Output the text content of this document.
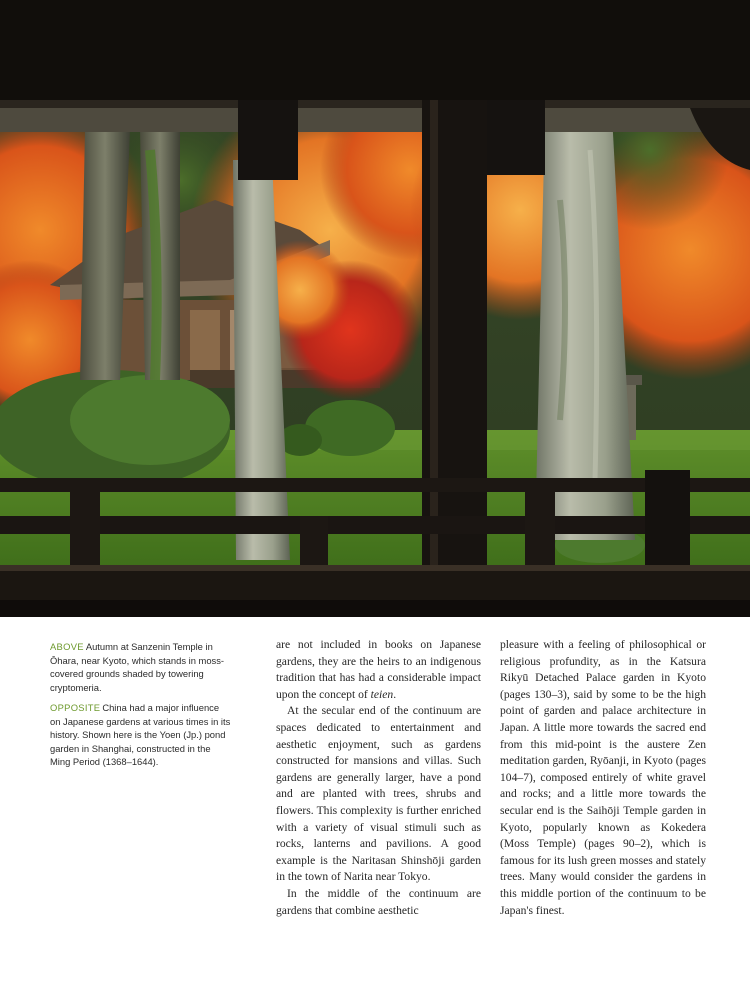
ABOVE Autumn at Sanzenin Temple in Ōhara, near Kyoto, which stands in moss-covered grounds shaded by towering cryptomeria.

OPPOSITE China had a major influence on Japanese gardens at various times in its history. Shown here is the Yoen (Jp.) pond garden in Shanghai, constructed in the Ming Period (1368–1644).

are not included in books on Japanese gardens, they are the heirs to an indigenous tradition that has had a considerable impact upon the concept of teien.

At the secular end of the continuum are spaces dedicated to entertainment and aesthetic enjoyment, such as gardens constructed for mansions and villas. Such gardens are generally larger, have a pond and are planted with trees, shrubs and flowers. This complexity is further enriched with a variety of visual stimuli such as rocks, lanterns and pavilions. A good example is the Naritasan Shinshōji garden in the town of Narita near Tokyo.

In the middle of the continuum are gardens that combine aesthetic

pleasure with a feeling of philosophical or religious profundity, as in the Katsura Rikyū Detached Palace garden in Kyoto (pages 130–3), said by some to be the high point of garden and palace architecture in Japan. A little more towards the sacred end from this mid-point is the austere Zen meditation garden, Ryōanji, in Kyoto (pages 104–7), composed entirely of white gravel and rocks; and a little more towards the secular end is the Saihōji Temple garden in Kyoto, popularly known as Kokedera (Moss Temple) (pages 90–2), which is famous for its lush green mosses and stately trees. Many would consider the gardens in this middle portion of the continuum to be Japan's finest.
